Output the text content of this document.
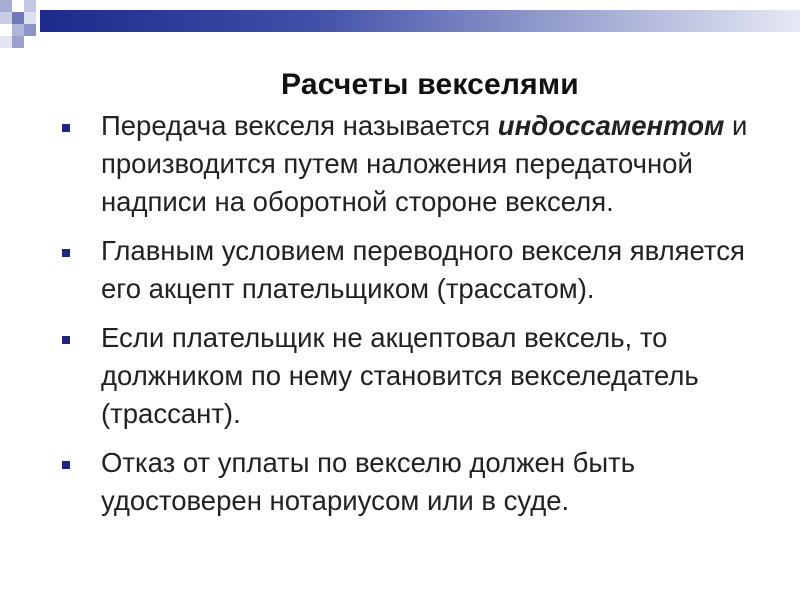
Расчеты векселями
Передача векселя называется индоссаментом и производится путем наложения передаточной надписи на оборотной стороне векселя.
Главным условием переводного векселя является его акцепт плательщиком (трассатом).
Если плательщик не акцептовал вексель, то должником по нему становится векселедатель (трассант).
Отказ от уплаты по векселю должен быть удостоверен нотариусом или в суде.
